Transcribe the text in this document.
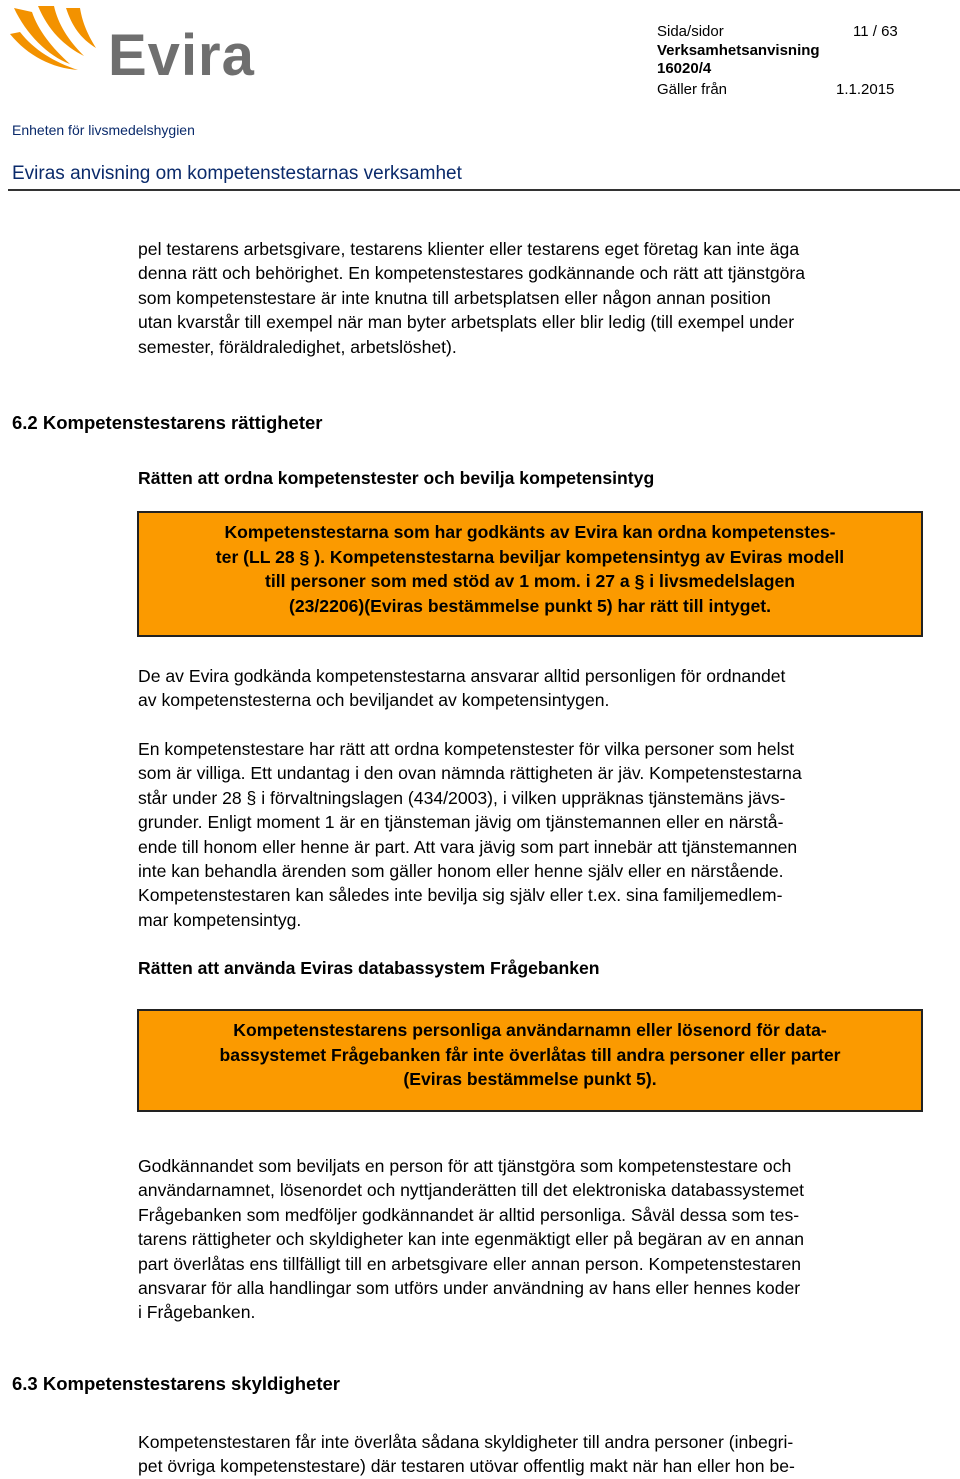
Evira	Sida/sidor	11 / 63
Verksamhetsanvisning
16020/4
Gäller från	1.1.2015
Enheten för livsmedelshygien
Eviras anvisning om kompetenstestarnas verksamhet

pel testarens arbetsgivare, testarens klienter eller testarens eget företag kan inte äga

denna rätt och behörighet. En kompetenstestares godkännande och rätt att tjänstgöra

som kompetenstestare är inte knutna till arbetsplatsen eller någon annan position

utan kvarstår till exempel när man byter arbetsplats eller blir ledig (till exempel under

semester, föräldraledighet, arbetslöshet).

6.2 Kompetenstestarens rättigheter
Rätten att ordna kompetenstester och bevilja kompetensintyg
Kompetenstestarna som har godkänts av Evira kan ordna kompetenstes-
ter (LL 28 § ). Kompetenstestarna beviljar kompetensintyg av Eviras modell
till personer som med stöd av 1 mom. i 27 a § i livsmedelslagen
(23/2206)(Eviras bestämmelse punkt 5) har rätt till intyget.

De av Evira godkända kompetenstestarna ansvarar alltid personligen för ordnandet

av kompetenstesterna och beviljandet av kompetensintygen.

En kompetenstestare har rätt att ordna kompetenstester för vilka personer som helst

som är villiga. Ett undantag i den ovan nämnda rättigheten är jäv. Kompetenstestarna

står under 28 § i förvaltningslagen (434/2003), i vilken uppräknas tjänstemäns jävs-

grunder. Enligt moment 1 är en tjänsteman jävig om tjänstemannen eller en närstå-

ende till honom eller henne är part. Att vara jävig som part innebär att tjänstemannen

inte kan behandla ärenden som gäller honom eller henne själv eller en närstående.

Kompetenstestaren kan således inte bevilja sig själv eller t.ex. sina familjemedlem-

mar kompetensintyg.

Rätten att använda Eviras databassystem Frågebanken
Kompetenstestarens personliga användarnamn eller lösenord för data-
bassystemet Frågebanken får inte överlåtas till andra personer eller parter
(Eviras bestämmelse punkt 5).

Godkännandet som beviljats en person för att tjänstgöra som kompetenstestare och

användarnamnet, lösenordet och nyttjanderätten till det elektroniska databassystemet

Frågebanken som medföljer godkännandet är alltid personliga. Såväl dessa som tes-

tarens rättigheter och skyldigheter kan inte egenmäktigt eller på begäran av en annan

part överlåtas ens tillfälligt till en arbetsgivare eller annan person. Kompetenstestaren

ansvarar för alla handlingar som utförs under användning av hans eller hennes koder

i Frågebanken.

6.3 Kompetenstestarens skyldigheter

Kompetenstestaren får inte överlåta sådana skyldigheter till andra personer (inbegri-

pet övriga kompetenstestare) där testaren utövar offentlig makt när han eller hon be-
